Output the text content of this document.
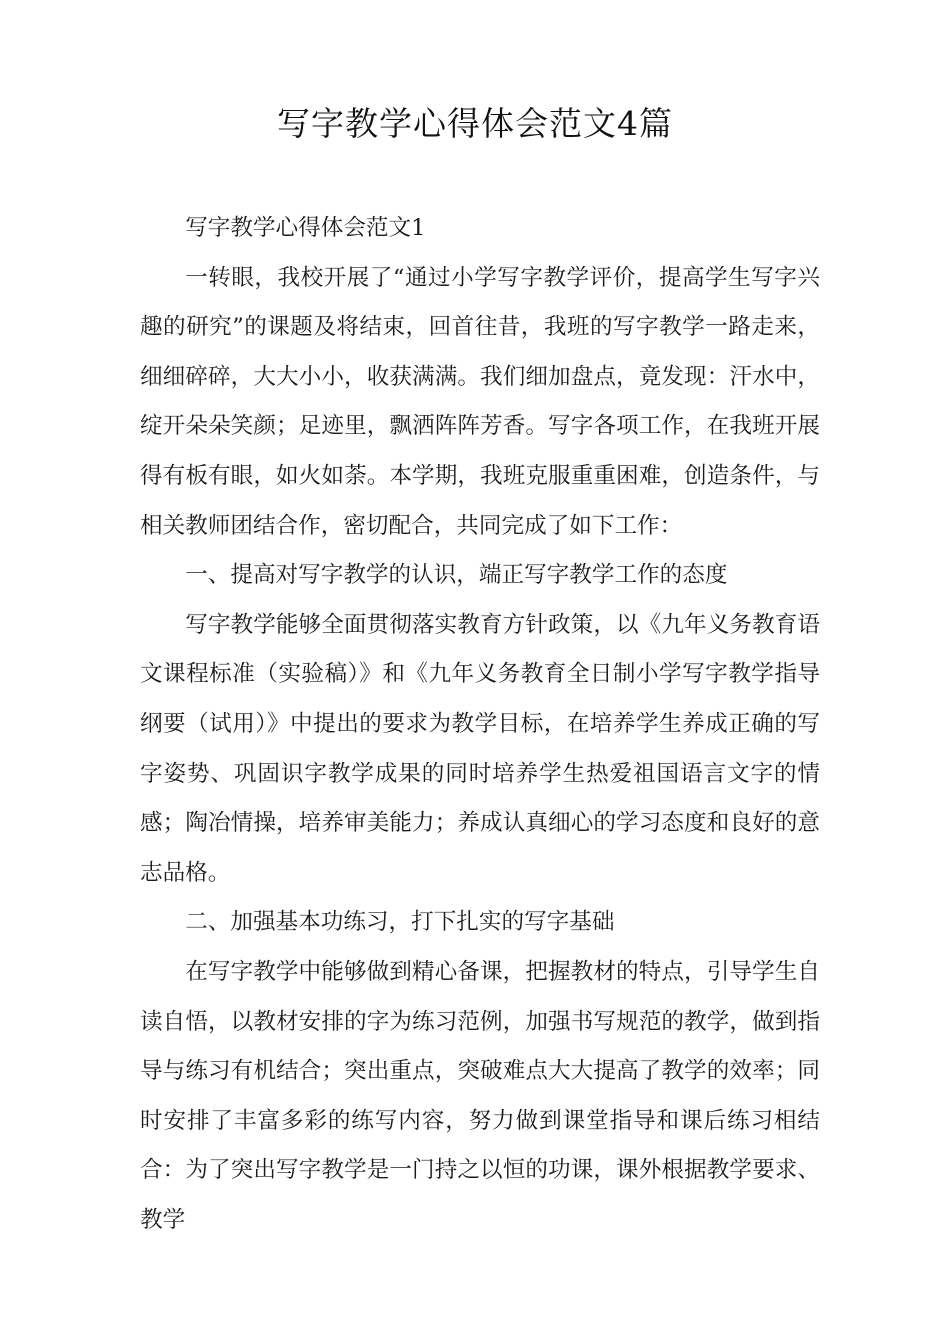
写字教学心得体会范文4篇

写字教学心得体会范文1

一转眼，我校开展了“通过小学写字教学评价，提高学生写字兴趣的研究”的课题及将结束，回首往昔，我班的写字教学一路走来，细细碎碎，大大小小，收获满满。我们细加盘点，竟发现：汗水中，绽开朵朵笑颜；足迹里，飘洒阵阵芳香。写字各项工作，在我班开展得有板有眼，如火如荼。本学期，我班克服重重困难，创造条件，与相关教师团结合作，密切配合，共同完成了如下工作：

一、提高对写字教学的认识，端正写字教学工作的态度

写字教学能够全面贯彻落实教育方针政策，以《九年义务教育语文课程标准（实验稿）》和《九年义务教育全日制小学写字教学指导纲要（试用）》中提出的要求为教学目标，在培养学生养成正确的写字姿势、巩固识字教学成果的同时培养学生热爱祖国语言文字的情感；陶冶情操，培养审美能力；养成认真细心的学习态度和良好的意志品格。

二、加强基本功练习，打下扎实的写字基础

在写字教学中能够做到精心备课，把握教材的特点，引导学生自读自悟，以教材安排的字为练习范例，加强书写规范的教学，做到指导与练习有机结合；突出重点，突破难点大大提高了教学的效率；同时安排了丰富多彩的练写内容，努力做到课堂指导和课后练习相结合：为了突出写字教学是一门持之以恒的功课，课外根据教学要求、教学
